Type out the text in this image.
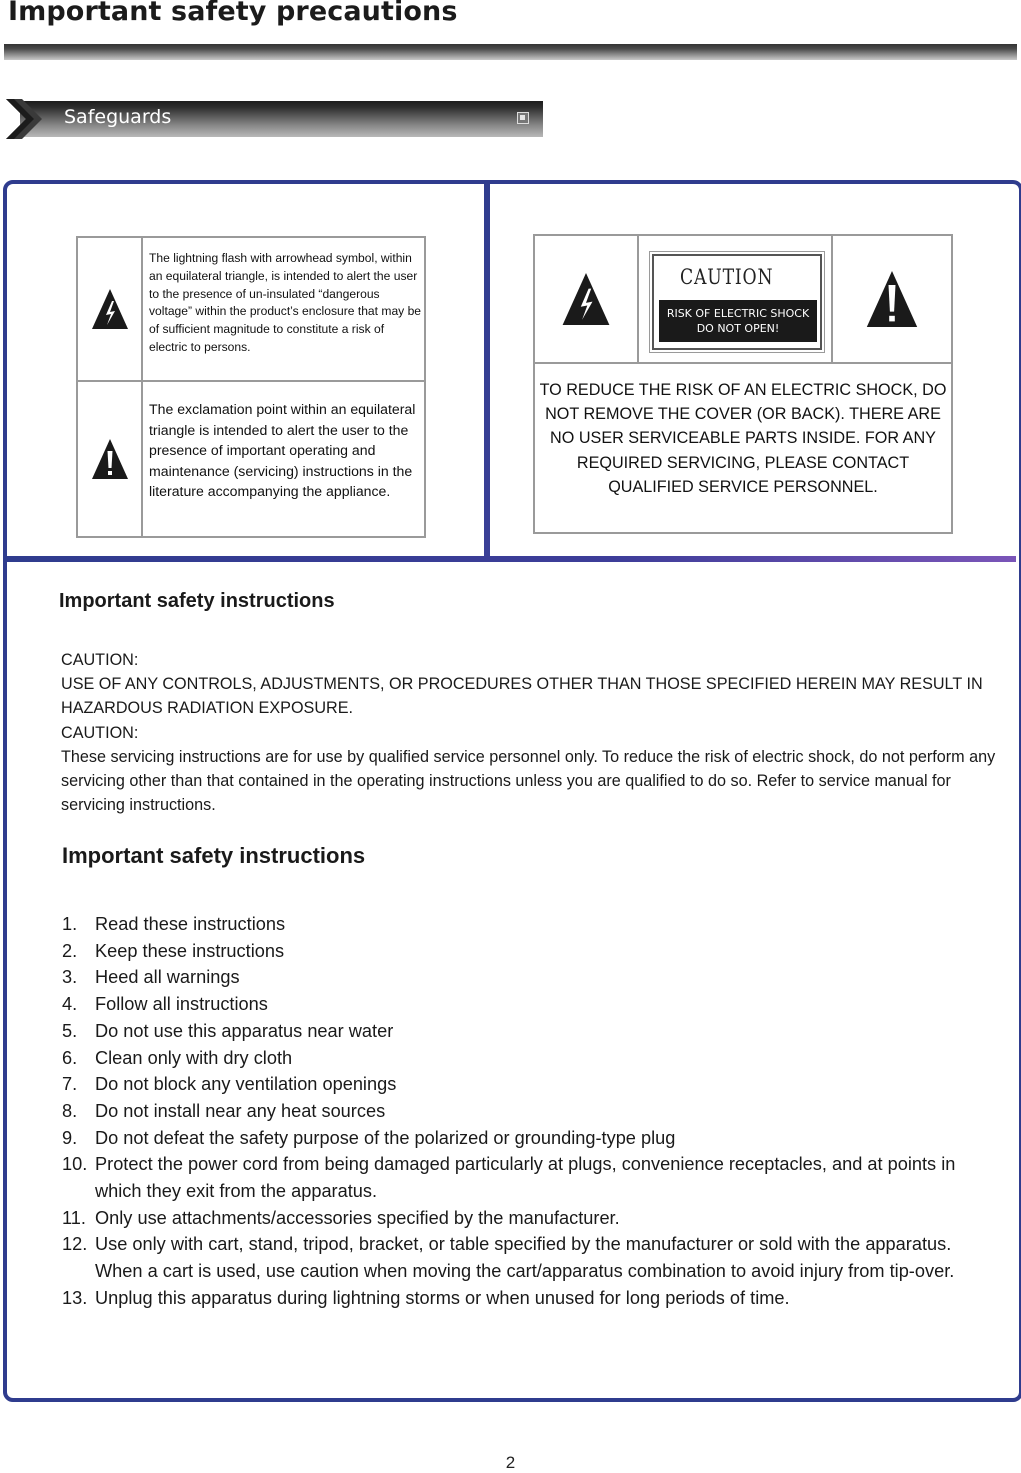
Important safety precautions
Safeguards
The lightning flash with arrowhead symbol, within an equilateral triangle, is intended to alert the user to the presence of un-insulated “dangerous voltage” within the product’s enclosure that may be of sufficient magnitude to constitute a risk of electric to persons.
The exclamation point within an equilateral triangle is intended to alert the user to the presence of important operating and maintenance (servicing) instructions in the literature accompanying the appliance.
CAUTION
RISK OF ELECTRIC SHOCK
DO NOT OPEN!
TO REDUCE THE RISK OF AN ELECTRIC SHOCK, DO NOT REMOVE THE COVER (OR BACK). THERE ARE NO USER SERVICEABLE PARTS INSIDE. FOR ANY REQUIRED SERVICING, PLEASE CONTACT QUALIFIED SERVICE PERSONNEL.
Important safety instructions

CAUTION:

USE OF ANY CONTROLS, ADJUSTMENTS, OR PROCEDURES OTHER THAN THOSE SPECIFIED HEREIN MAY RESULT IN HAZARDOUS RADIATION EXPOSURE.

CAUTION:

These servicing instructions are for use by qualified service personnel only. To reduce the risk of electric shock, do not perform any servicing other than that contained in the operating instructions unless you are qualified to do so. Refer to service manual for servicing instructions.

Important safety instructions
1. Read these instructions
2. Keep these instructions
3. Heed all warnings
4. Follow all instructions
5. Do not use this apparatus near water
6. Clean only with dry cloth
7. Do not block any ventilation openings
8. Do not install near any heat sources
9. Do not defeat the safety purpose of the polarized or grounding-type plug
10. Protect the power cord from being damaged particularly at plugs, convenience receptacles, and at points in which they exit from the apparatus.
11. Only use attachments/accessories specified by the manufacturer.
12. Use only with cart, stand, tripod, bracket, or table specified by the manufacturer or sold with the apparatus. When a cart is used, use caution when moving the cart/apparatus combination to avoid injury from tip-over.
13. Unplug this apparatus during lightning storms or when unused for long periods of time.
2
